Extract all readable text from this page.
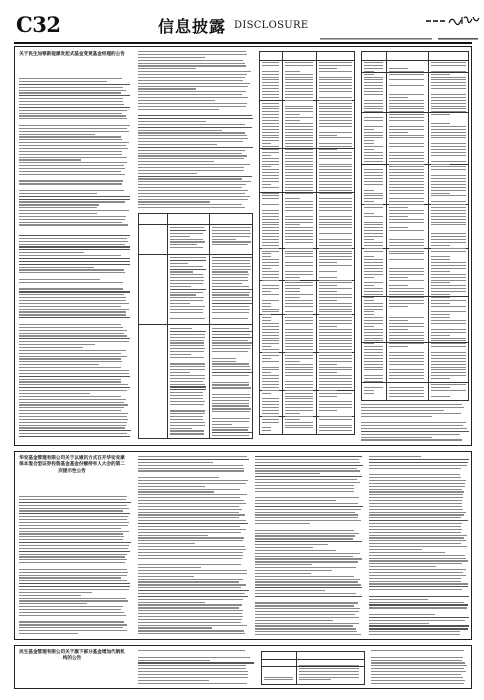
C32	信息披露 DISCLOSURE
关于民生加银新能源发起式基金变更基金经理的公告
华安基金管理有限公司关于以通讯方式召开华安安康保本混合型证券投资基金基金份额持有人大会的第二次提示性公告
民生基金管理有限公司关于旗下部分基金增加代销机构的公告
